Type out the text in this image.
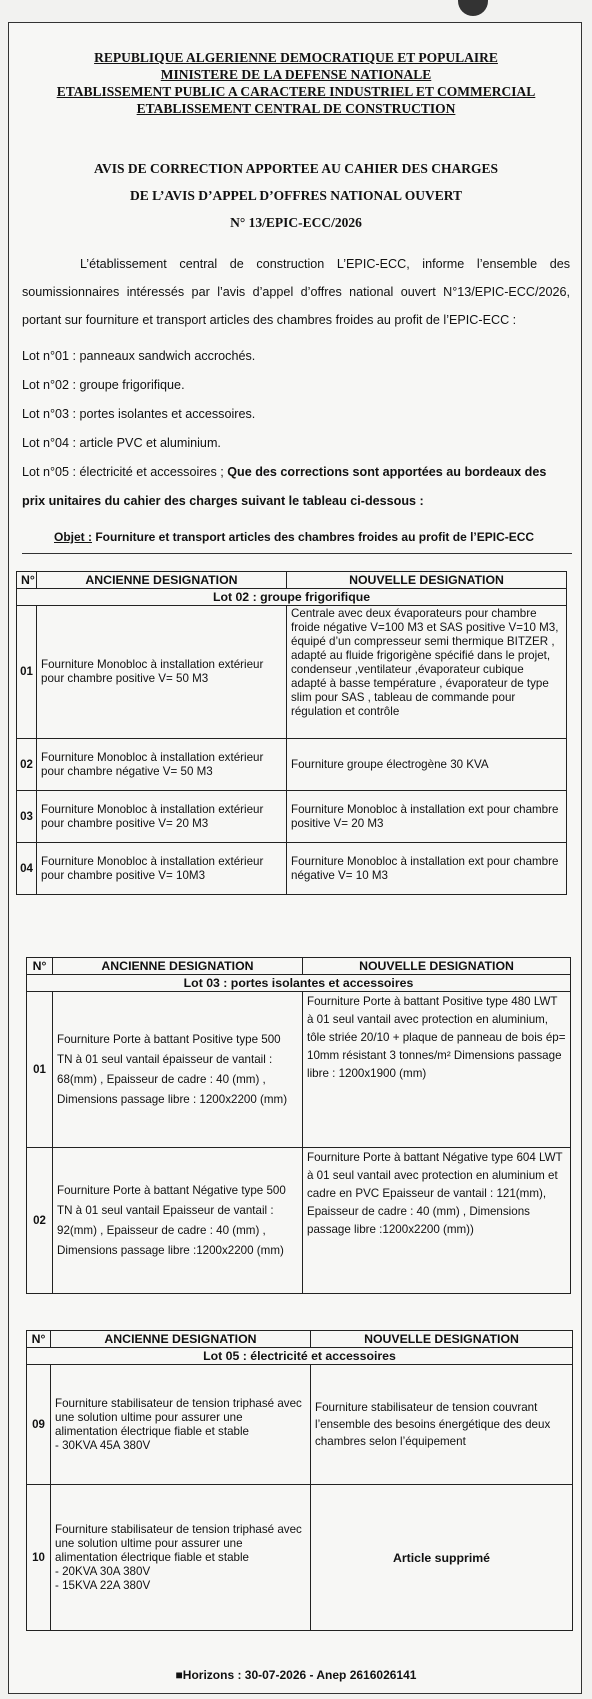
REPUBLIQUE ALGERIENNE DEMOCRATIQUE ET POPULAIRE
MINISTERE DE LA DEFENSE NATIONALE
ETABLISSEMENT PUBLIC A CARACTERE INDUSTRIEL ET COMMERCIAL
ETABLISSEMENT CENTRAL DE CONSTRUCTION
AVIS DE CORRECTION APPORTEE AU CAHIER DES CHARGES
DE L’AVIS D’APPEL D’OFFRES NATIONAL OUVERT
N° 13/EPIC-ECC/2026
L’établissement central de construction L’EPIC-ECC, informe l’ensemble des soumissionnaires intéressés par l’avis d’appel d’offres national ouvert N°13/EPIC-ECC/2026, portant sur fourniture et transport articles des chambres froides au profit de l’EPIC-ECC :
Lot n°01 : panneaux sandwich accrochés.
Lot n°02 : groupe frigorifique.
Lot n°03 : portes isolantes et accessoires.
Lot n°04 : article PVC et aluminium.
Lot n°05 : électricité et accessoires ; Que des corrections sont apportées au bordeaux des
prix unitaires du cahier des charges suivant le tableau ci-dessous :
Objet : Fourniture et transport articles des chambres froides au profit de l’EPIC-ECC
N°	ANCIENNE DESIGNATION	NOUVELLE DESIGNATION
Lot 02 : groupe frigorifique		
01	Fourniture Monobloc à installation extérieur pour chambre positive V= 50 M3	Centrale avec deux évaporateurs pour chambre froide négative V=100 M3 et SAS positive V=10 M3, équipé d’un compresseur semi thermique BITZER , adapté au fluide frigorigène spécifié dans le projet, condenseur ,ventilateur ,évaporateur cubique adapté à basse température , évaporateur de type slim pour SAS , tableau de commande pour régulation et contrôle
02	Fourniture Monobloc à installation extérieur pour chambre négative V= 50 M3	Fourniture groupe électrogène 30 KVA
03	Fourniture Monobloc à installation extérieur pour chambre positive V= 20 M3	Fourniture Monobloc à installation ext pour chambre positive V= 20 M3
04	Fourniture Monobloc à installation extérieur pour chambre positive V= 10M3	Fourniture Monobloc à installation ext pour chambre négative V= 10 M3
N°	ANCIENNE DESIGNATION	NOUVELLE DESIGNATION
Lot 03 : portes isolantes et accessoires		
01	Fourniture Porte à battant Positive type 500 TN à 01 seul vantail épaisseur de vantail : 68(mm) , Epaisseur de cadre : 40 (mm) , Dimensions passage libre : 1200x2200 (mm)	Fourniture Porte à battant Positive type 480 LWT à 01 seul vantail avec protection en aluminium, tôle striée 20/10 + plaque de panneau de bois ép= 10mm résistant 3 tonnes/m² Dimensions passage libre : 1200x1900 (mm)
02	Fourniture Porte à battant Négative type 500 TN à 01 seul vantail Epaisseur de vantail : 92(mm) , Epaisseur de cadre : 40 (mm) , Dimensions passage libre :1200x2200 (mm)	Fourniture Porte à battant Négative type 604 LWT à 01 seul vantail avec protection en aluminium et cadre en PVC Epaisseur de vantail : 121(mm), Epaisseur de cadre : 40 (mm) , Dimensions passage libre :1200x2200 (mm))
N°	ANCIENNE DESIGNATION	NOUVELLE DESIGNATION
Lot 05 : électricité et accessoires		
09	Fourniture stabilisateur de tension triphasé avec une solution ultime pour assurer une alimentation électrique fiable et stable
- 30KVA 45A 380V	Fourniture stabilisateur de tension couvrant l’ensemble des besoins énergétique des deux chambres selon l’équipement
10	Fourniture stabilisateur de tension triphasé avec une solution ultime pour assurer une alimentation électrique fiable et stable
- 20KVA 30A 380V
- 15KVA 22A 380V	Article supprimé
■Horizons : 30-07-2026 - Anep 2616026141
